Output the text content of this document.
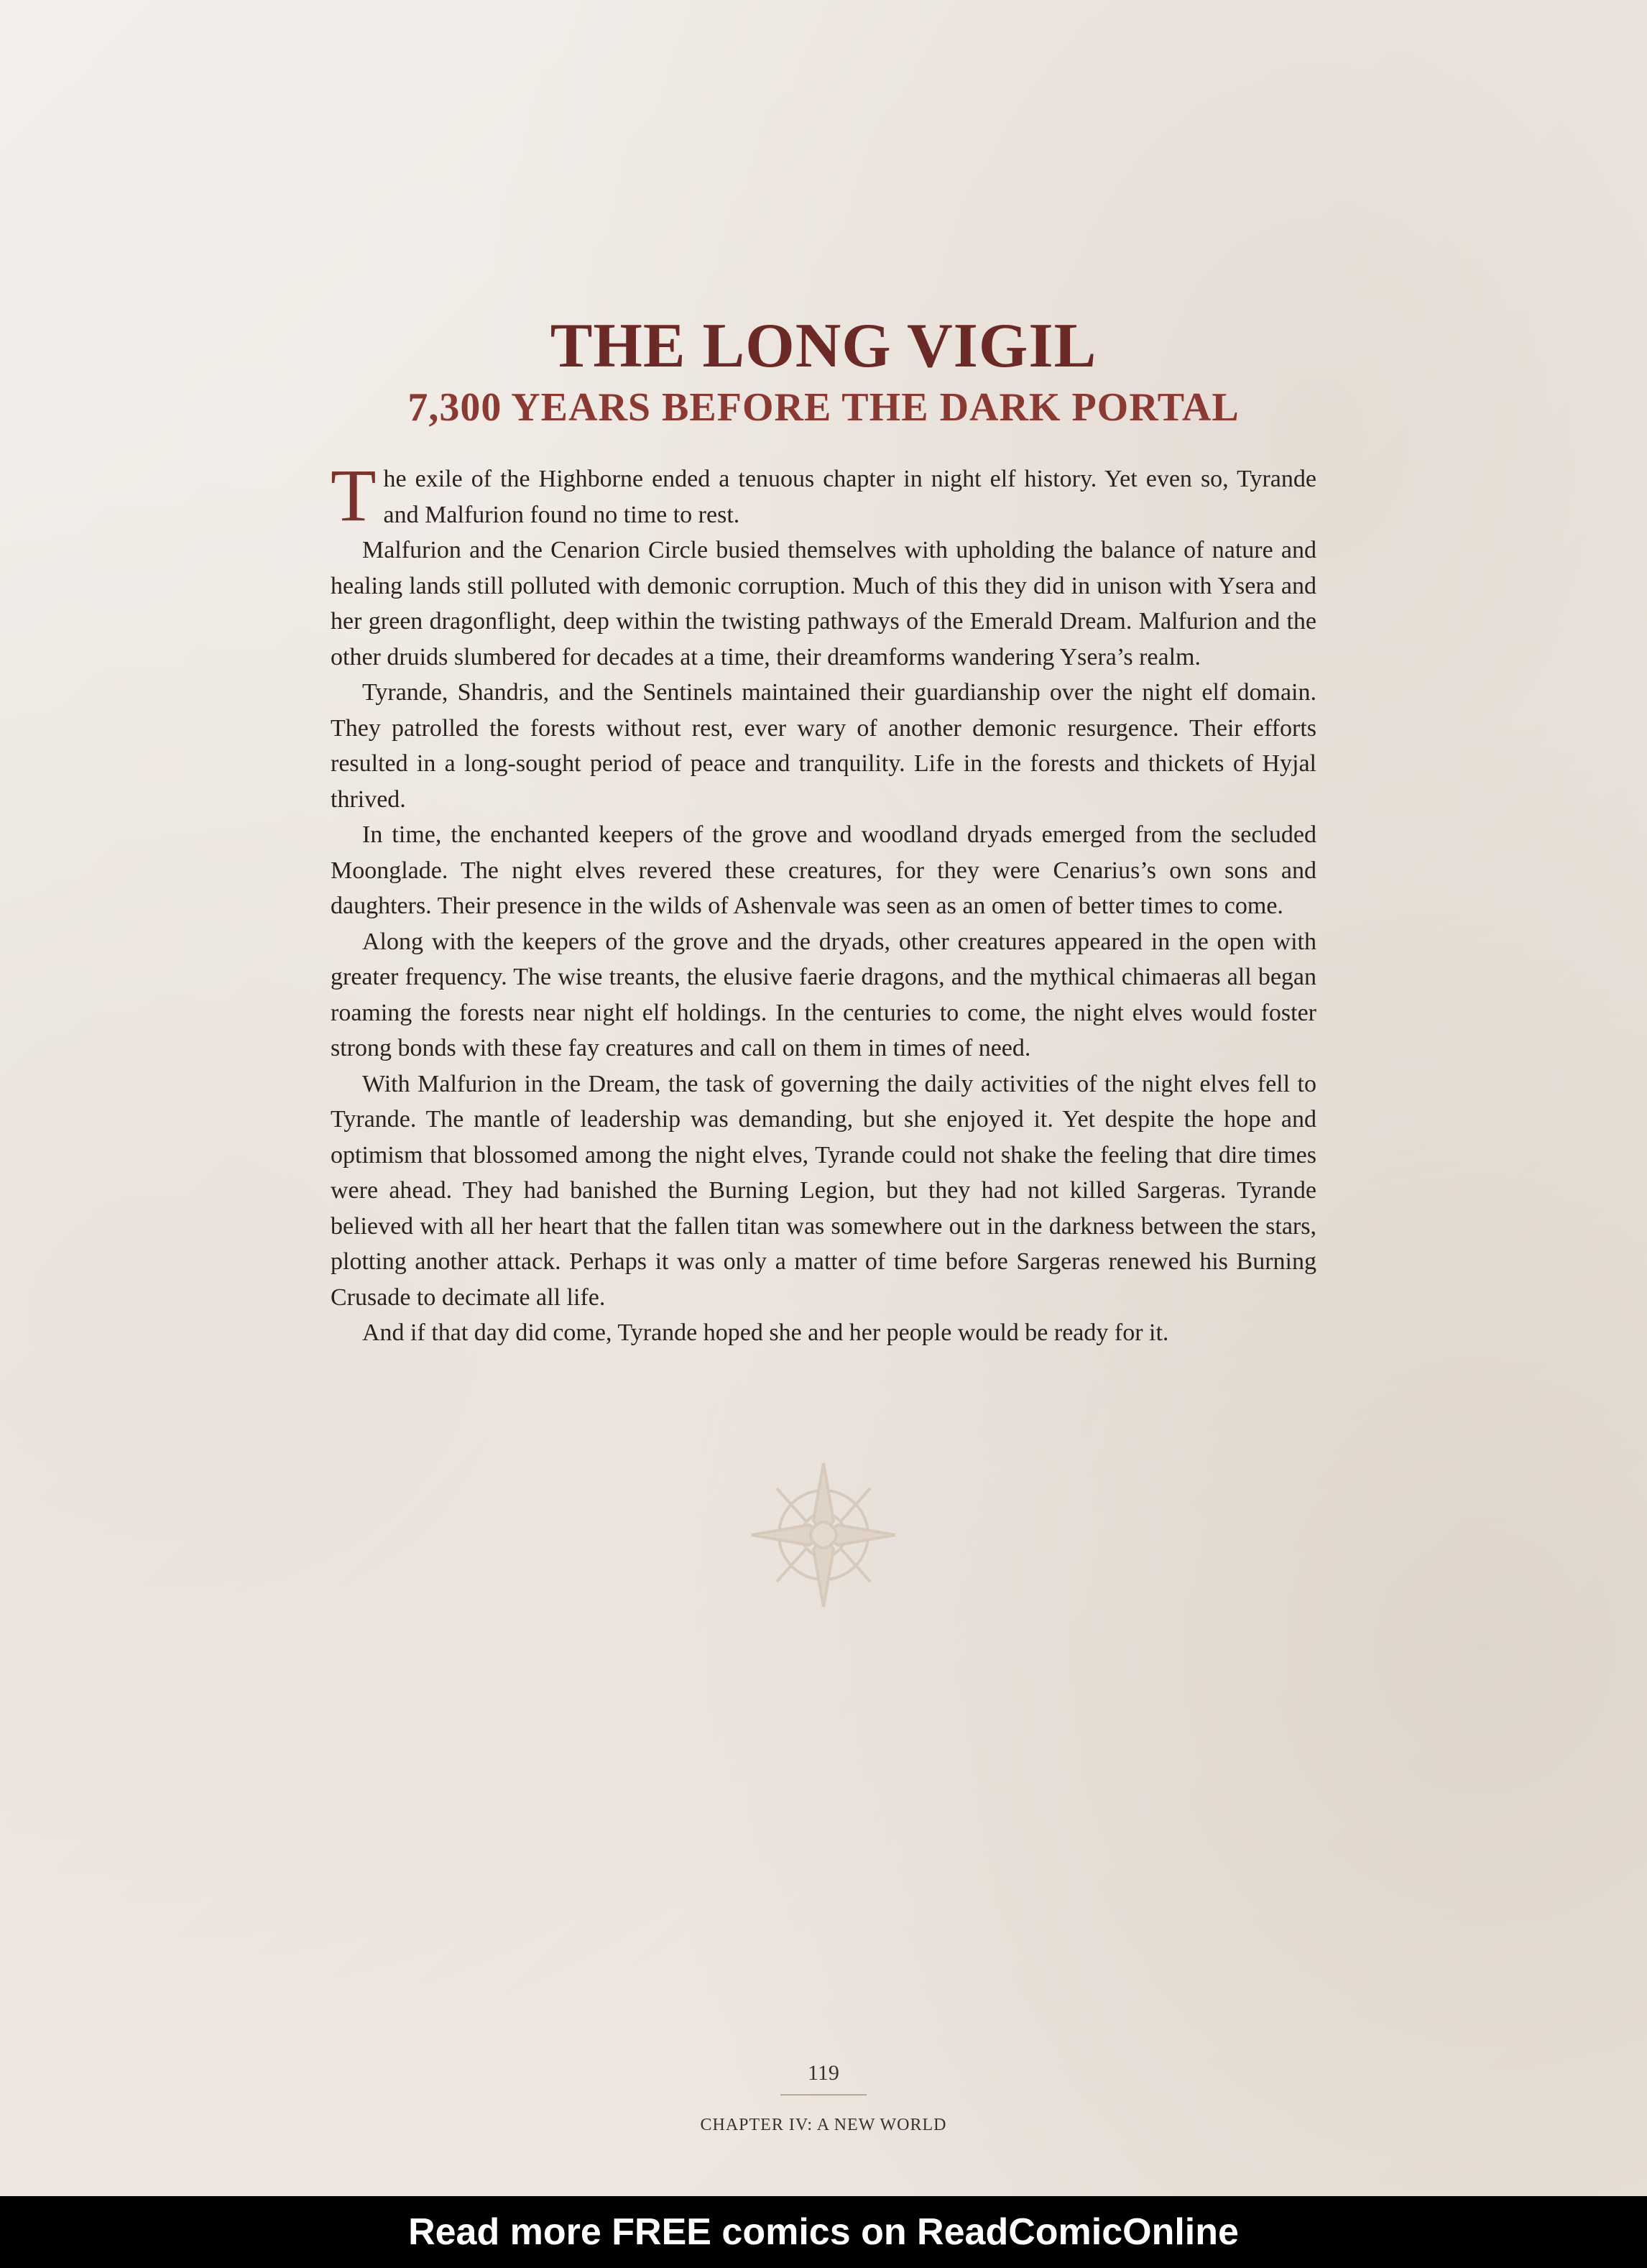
THE LONG VIGIL
7,300 YEARS BEFORE THE DARK PORTAL

The exile of the Highborne ended a tenuous chapter in night elf history. Yet even so, Tyrande and Malfurion found no time to rest.

Malfurion and the Cenarion Circle busied themselves with upholding the balance of nature and healing lands still polluted with demonic corruption. Much of this they did in unison with Ysera and her green dragonflight, deep within the twisting pathways of the Emerald Dream. Malfurion and the other druids slumbered for decades at a time, their dreamforms wandering Ysera’s realm.

Tyrande, Shandris, and the Sentinels maintained their guardianship over the night elf domain. They patrolled the forests without rest, ever wary of another demonic resurgence. Their efforts resulted in a long-sought period of peace and tranquility. Life in the forests and thickets of Hyjal thrived.

In time, the enchanted keepers of the grove and woodland dryads emerged from the secluded Moonglade. The night elves revered these creatures, for they were Cenarius’s own sons and daughters. Their presence in the wilds of Ashenvale was seen as an omen of better times to come.

Along with the keepers of the grove and the dryads, other creatures appeared in the open with greater frequency. The wise treants, the elusive faerie dragons, and the mythical chimaeras all began roaming the forests near night elf holdings. In the centuries to come, the night elves would foster strong bonds with these fay creatures and call on them in times of need.

With Malfurion in the Dream, the task of governing the daily activities of the night elves fell to Tyrande. The mantle of leadership was demanding, but she enjoyed it. Yet despite the hope and optimism that blossomed among the night elves, Tyrande could not shake the feeling that dire times were ahead. They had banished the Burning Legion, but they had not killed Sargeras. Tyrande believed with all her heart that the fallen titan was somewhere out in the darkness between the stars, plotting another attack. Perhaps it was only a matter of time before Sargeras renewed his Burning Crusade to decimate all life.

And if that day did come, Tyrande hoped she and her people would be ready for it.

119
CHAPTER IV: A NEW WORLD
Read more FREE comics on ReadComicOnline
